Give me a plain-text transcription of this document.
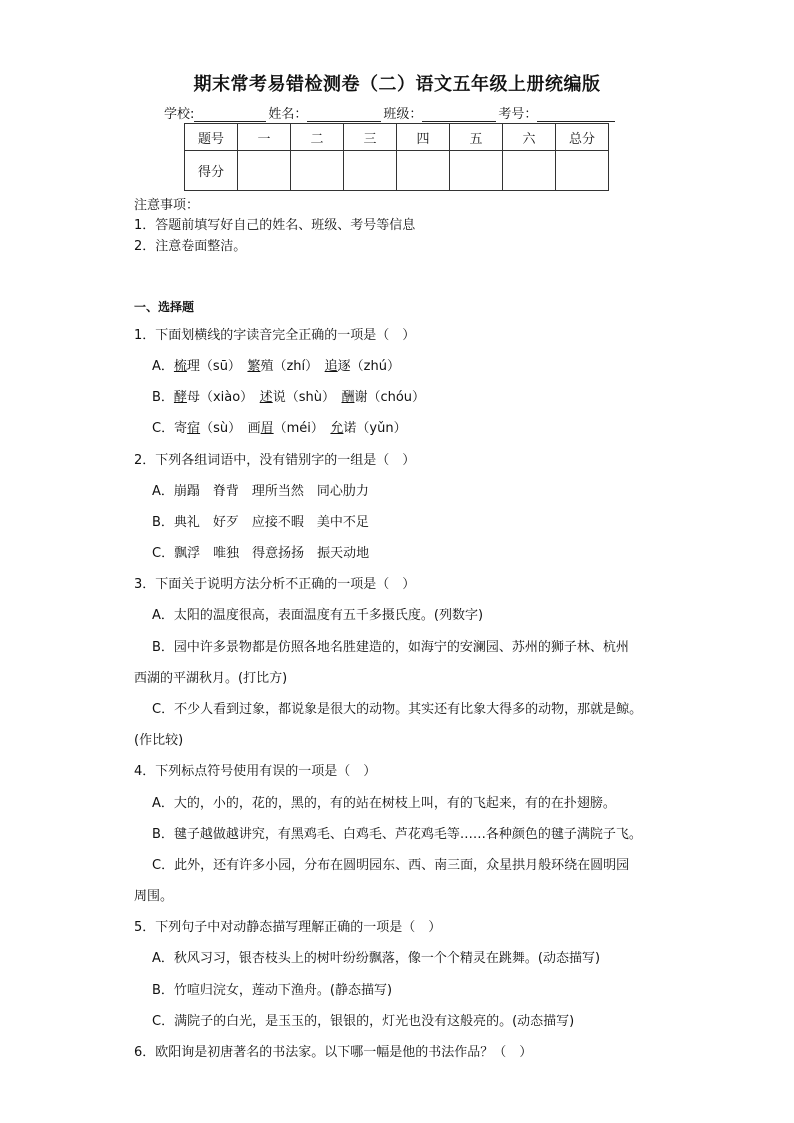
期末常考易错检测卷（二）语文五年级上册统编版
学校:	姓名：	班级：	考号：
题号	一	二	三	四	五	六	总分
得分							
注意事项：
1．答题前填写好自己的姓名、班级、考号等信息
2．注意卷面整洁。
一、选择题
1．下面划横线的字读音完全正确的一项是（　）
A．梳理（sū）　繁殖（zhí）　追逐（zhú）
B．酵母（xiào）　述说（shù）　酬谢（chóu）
C．寄宿（sù）　画眉（méi）　允诺（yǔn）
2．下列各组词语中，没有错别字的一组是（　）
A．崩蹋　脊背　理所当然　同心肋力
B．典礼　好歹　应接不暇　美中不足
C．飘浮　唯独　得意扬扬　振天动地
3．下面关于说明方法分析不正确的一项是（　）
A．太阳的温度很高，表面温度有五千多摄氏度。(列数字)
B．园中许多景物都是仿照各地名胜建造的，如海宁的安澜园、苏州的狮子林、杭州
西湖的平湖秋月。(打比方)
C．不少人看到过象，都说象是很大的动物。其实还有比象大得多的动物，那就是鲸。
(作比较)
4．下列标点符号使用有误的一项是（　）
A．大的，小的，花的，黑的，有的站在树枝上叫，有的飞起来，有的在扑翅膀。
B．毽子越做越讲究，有黑鸡毛、白鸡毛、芦花鸡毛等……各种颜色的毽子满院子飞。
C．此外，还有许多小园，分布在圆明园东、西、南三面，众星拱月般环绕在圆明园
周围。
5．下列句子中对动静态描写理解正确的一项是（　）
A．秋风习习，银杏枝头上的树叶纷纷飘落，像一个个精灵在跳舞。(动态描写)
B．竹喧归浣女，莲动下渔舟。(静态描写)
C．满院子的白光，是玉玉的，银银的，灯光也没有这般亮的。(动态描写)
6．欧阳询是初唐著名的书法家。以下哪一幅是他的书法作品？（　）
